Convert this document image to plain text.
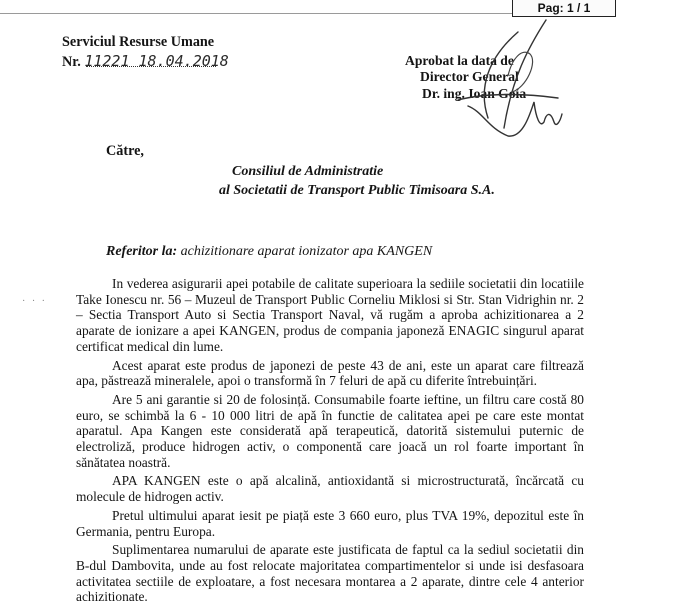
Pag: 1 / 1
Serviciul Resurse Umane
Nr. 11221 18.04.2018	Aprobat la data de
Director General
Dr. ing. Ioan Goia
Către,
Consiliul de Administratie
al Societatii de Transport Public Timisoara S.A.
Referitor la: achizitionare aparat ionizator apa KANGEN
· · ·

In vederea asigurarii apei potabile de calitate superioara la sediile societatii din locatiile Take Ionescu nr. 56 – Muzeul de Transport Public Corneliu Miklosi si Str. Stan Vidrighin nr. 2 – Sectia Transport Auto si Sectia Transport Naval, vă rugăm a aproba achizitionarea a 2 aparate de ionizare a apei KANGEN, produs de compania japoneză ENAGIC singurul aparat certificat medical din lume.

Acest aparat este produs de japonezi de peste 43 de ani, este un aparat care filtrează apa, păstrează mineralele, apoi o transformă în 7 feluri de apă cu diferite întrebuințări.

Are 5 ani garantie si 20 de folosință. Consumabile foarte ieftine, un filtru care costă 80 euro, se schimbă la 6 - 10 000 litri de apă în functie de calitatea apei pe care este montat aparatul. Apa Kangen este considerată apă terapeutică, datorită sistemului puternic de electroliză, produce hidrogen activ, o componentă care joacă un rol foarte important în sănătatea noastră.

APA KANGEN este o apă alcalină, antioxidantă si microstructurată, încărcată cu molecule de hidrogen activ.

Pretul ultimului aparat iesit pe piață este 3 660 euro, plus TVA 19%, depozitul este în Germania, pentru Europa.

Suplimentarea numarului de aparate este justificata de faptul ca la sediul societatii din B-dul Dambovita, unde au fost relocate majoritatea compartimentelor si unde isi desfasoara activitatea sectiile de exploatare, a fost necesara montarea a 2 aparate, dintre cele 4 anterior achizitionate.
